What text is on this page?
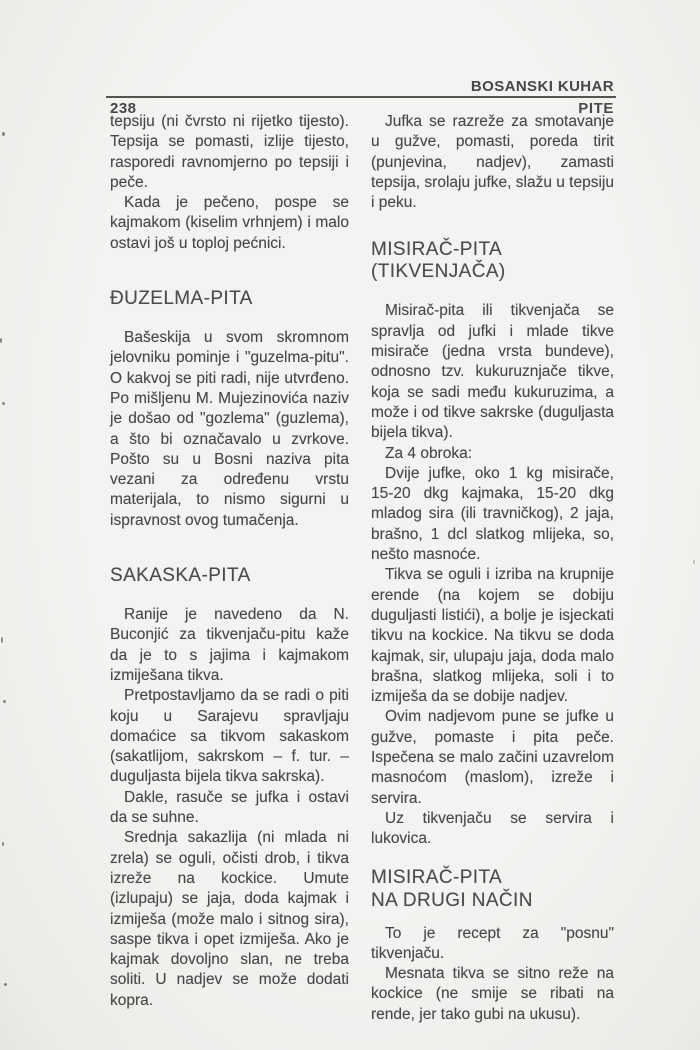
BOSANSKI KUHAR
238	PITE

tepsiju (ni čvrsto ni rijetko tijesto). Tepsija se pomasti, izlije tijesto, rasporedi ravnomjerno po tepsiji i peče.

Kada je pečeno, pospe se kajmakom (kiselim vrhnjem) i malo ostavi još u toploj pećnici.

ĐUZELMA-PITA

Bašeskija u svom skromnom jelovniku pominje i "guzelma-pitu". O kakvoj se piti radi, nije utvrđeno. Po mišljenu M. Mujezinovića naziv je došao od "gozlema" (guzlema), a što bi označavalo u zvrkove. Pošto su u Bosni naziva pita vezani za određenu vrstu materijala, to nismo sigurni u ispravnost ovog tumačenja.

SAKASKA-PITA

Ranije je navedeno da N. Buconjić za tikvenjaču-pitu kaže da je to s jajima i kajmakom izmiješana tikva.

Pretpostavljamo da se radi o piti koju u Sarajevu spravljaju domaćice sa tikvom sakaskom (sakatlijom, sakrskom – f. tur. – duguljasta bijela tikva sakrska).

Dakle, rasuče se jufka i ostavi da se suhne.

Srednja sakazlija (ni mlada ni zrela) se oguli, očisti drob, i tikva izreže na kockice. Umute (izlupaju) se jaja, doda kajmak i izmiješa (može malo i sitnog sira), saspe tikva i opet izmiješa. Ako je kajmak dovoljno slan, ne treba soliti. U nadjev se može dodati kopra.

Jufka se razreže za smotavanje u gužve, pomasti, poreda tirit (punjevina, nadjev), zamasti tepsija, srolaju jufke, slažu u tepsiju i peku.

MISIRAČ-PITA (TIKVENJAČA)

Misirač-pita ili tikvenjača se spravlja od jufki i mlade tikve misirače (jedna vrsta bundeve), odnosno tzv. kukuruznjače tikve, koja se sadi među kukuruzima, a može i od tikve sakrske (duguljasta bijela tikva).

Za 4 obroka:

Dvije jufke, oko 1 kg misirače, 15-20 dkg kajmaka, 15-20 dkg mladog sira (ili travničkog), 2 jaja, brašno, 1 dcl slatkog mlijeka, so, nešto masnoće.

Tikva se oguli i izriba na krupnije erende (na kojem se dobiju duguljasti listići), a bolje je isjeckati tikvu na kockice. Na tikvu se doda kajmak, sir, ulupaju jaja, doda malo brašna, slatkog mlijeka, soli i to izmiješa da se dobije nadjev.

Ovim nadjevom pune se jufke u gužve, pomaste i pita peče. Ispečena se malo začini uzavrelom masnoćom (maslom), izreže i servira.

Uz tikvenjaču se servira i lukovica.

MISIRAČ-PITA
NA DRUGI NAČIN

To je recept za "posnu" tikvenjaču.

Mesnata tikva se sitno reže na kockice (ne smije se ribati na rende, jer tako gubi na ukusu).
